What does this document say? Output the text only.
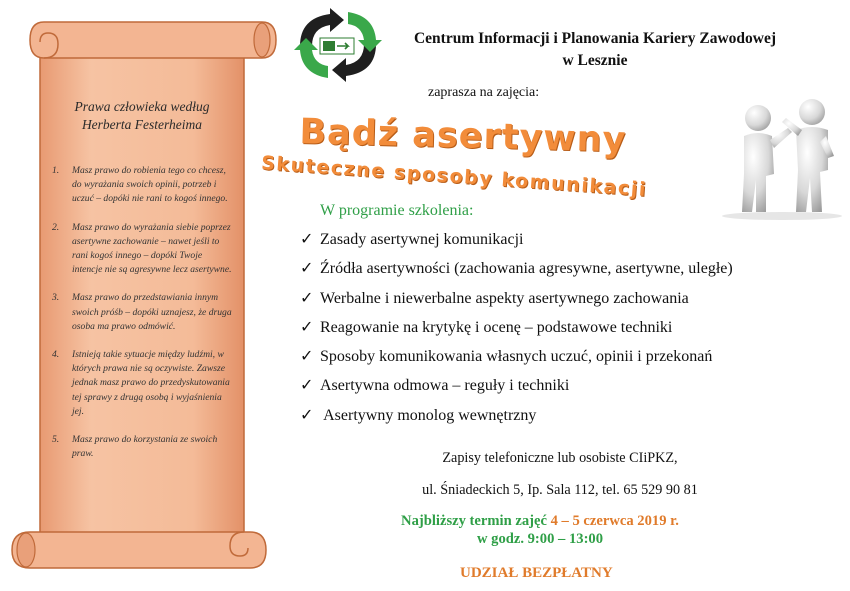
Prawa człowieka według
Herberta Festerheima
1. Masz prawo do robienia tego co chcesz, do wyrażania swoich opinii, potrzeb i uczuć – dopóki nie rani to kogoś innego.
2. Masz prawo do wyrażania siebie poprzez asertywne zachowanie – nawet jeśli to rani kogoś innego – dopóki Twoje intencje nie są agresywne lecz asertywne.
3. Masz prawo do przedstawiania innym swoich próśb – dopóki uznajesz, że druga osoba ma prawo odmówić.
4. Istnieją takie sytuacje między ludźmi, w których prawa nie są oczywiste. Zawsze jednak masz prawo do przedyskutowania tej sprawy z drugą osobą i wyjaśnienia jej.
5. Masz prawo do korzystania ze swoich praw.
Centrum Informacji i Planowania Kariery Zawodowej
w Lesznie
zaprasza na zajęcia:
Bądź asertywny
Skuteczne sposoby komunikacji
W programie szkolenia:
✓ Zasady asertywnej komunikacji
✓ Źródła asertywności (zachowania agresywne, asertywne, uległe)
✓ Werbalne i niewerbalne aspekty asertywnego zachowania
✓ Reagowanie na krytykę i ocenę – podstawowe techniki
✓ Sposoby komunikowania własnych uczuć, opinii i przekonań
✓ Asertywna odmowa – reguły i techniki
✓ Asertywny monolog wewnętrzny
Zapisy telefoniczne lub osobiste CIiPKZ,
ul. Śniadeckich 5, Ip. Sala 112, tel. 65 529 90 81
Najbliższy termin zajęć 4 – 5 czerwca 2019 r.
w godz. 9:00 – 13:00
UDZIAŁ BEZPŁATNY
